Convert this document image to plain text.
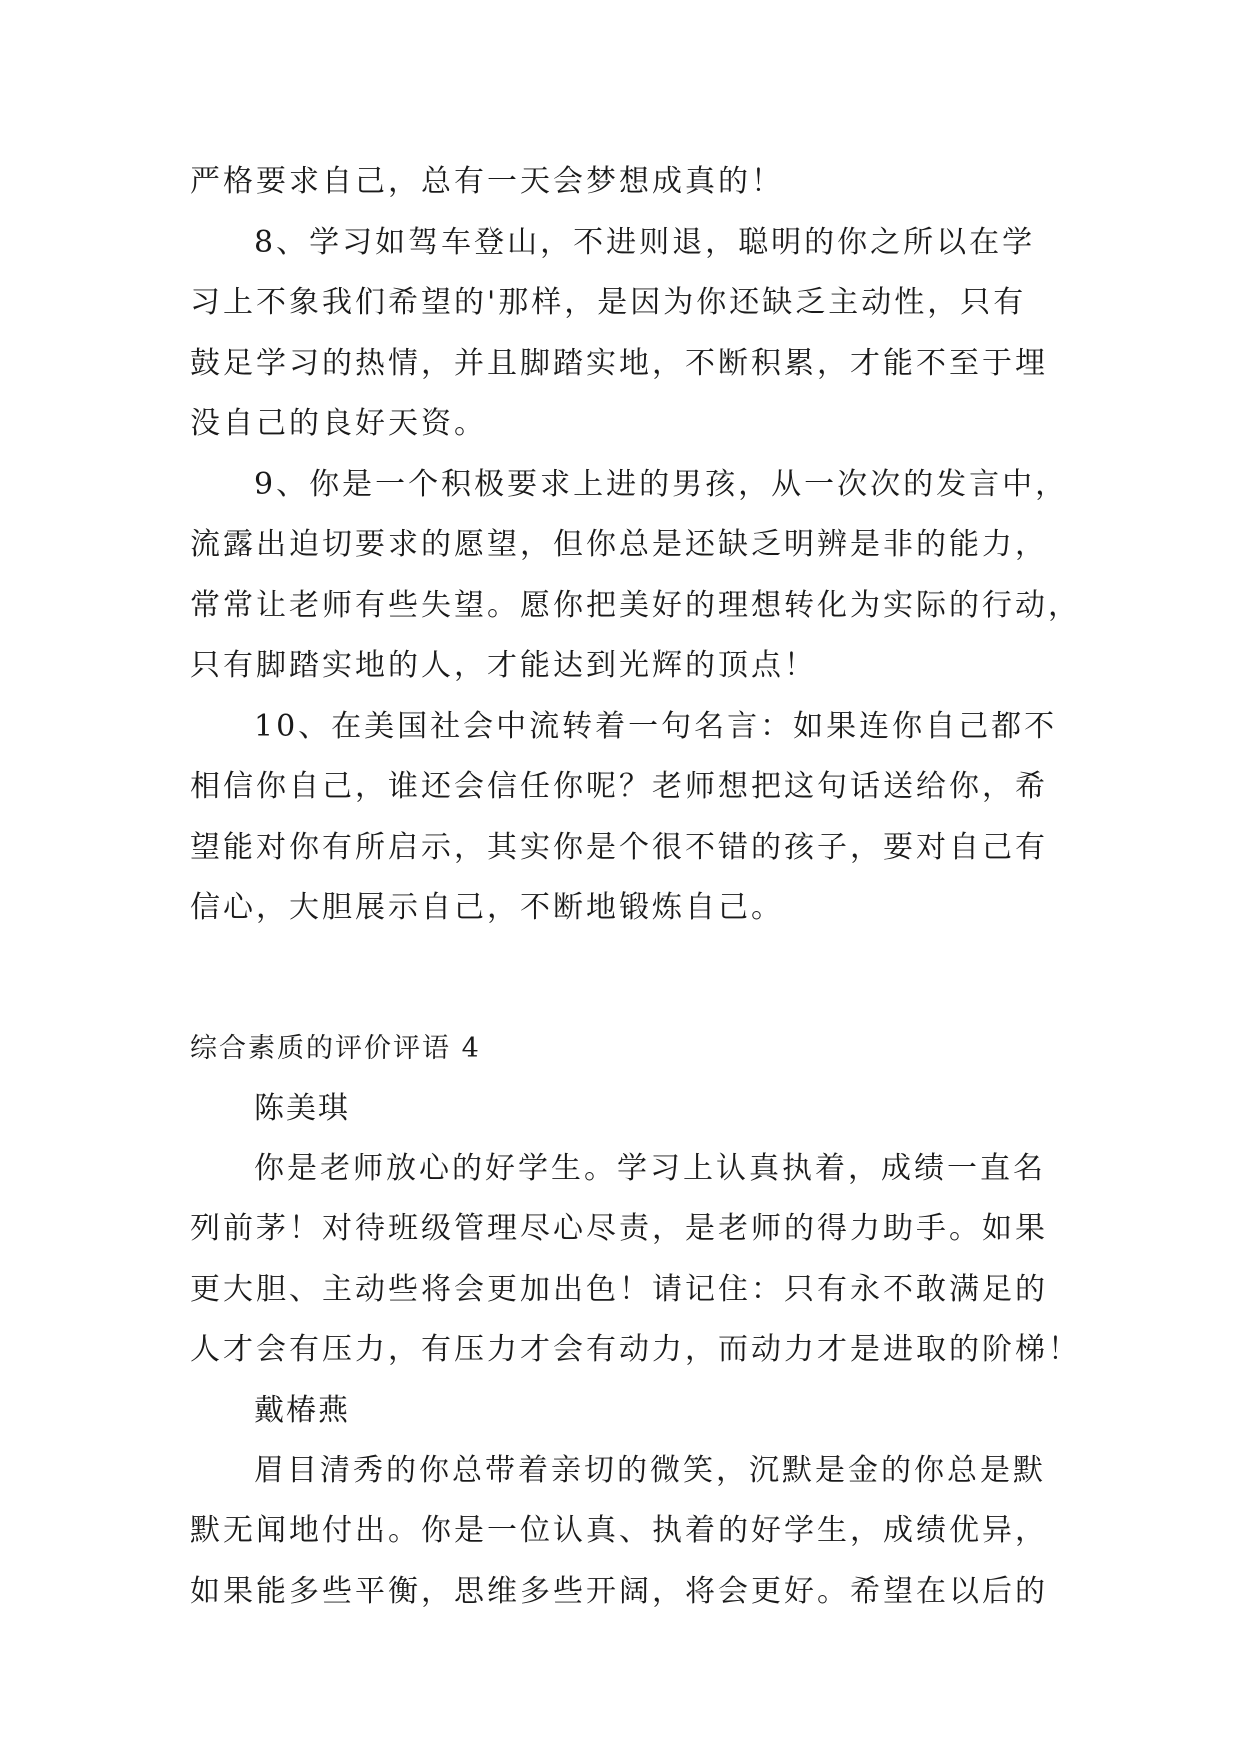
严格要求自己，总有一天会梦想成真的！
8、学习如驾车登山，不进则退，聪明的你之所以在学
习上不象我们希望的'那样，是因为你还缺乏主动性，只有
鼓足学习的热情，并且脚踏实地，不断积累，才能不至于埋
没自己的良好天资。
9、你是一个积极要求上进的男孩，从一次次的发言中，
流露出迫切要求的愿望，但你总是还缺乏明辨是非的能力，
常常让老师有些失望。愿你把美好的理想转化为实际的行动，
只有脚踏实地的人，才能达到光辉的顶点！
10、在美国社会中流转着一句名言：如果连你自己都不
相信你自己，谁还会信任你呢？老师想把这句话送给你，希
望能对你有所启示，其实你是个很不错的孩子，要对自己有
信心，大胆展示自己，不断地锻炼自己。
综合素质的评价评语 4
陈美琪
你是老师放心的好学生。学习上认真执着，成绩一直名
列前茅！对待班级管理尽心尽责，是老师的得力助手。如果
更大胆、主动些将会更加出色！请记住：只有永不敢满足的
人才会有压力，有压力才会有动力，而动力才是进取的阶梯！
戴椿燕
眉目清秀的你总带着亲切的微笑，沉默是金的你总是默
默无闻地付出。你是一位认真、执着的好学生，成绩优异，
如果能多些平衡，思维多些开阔，将会更好。希望在以后的
